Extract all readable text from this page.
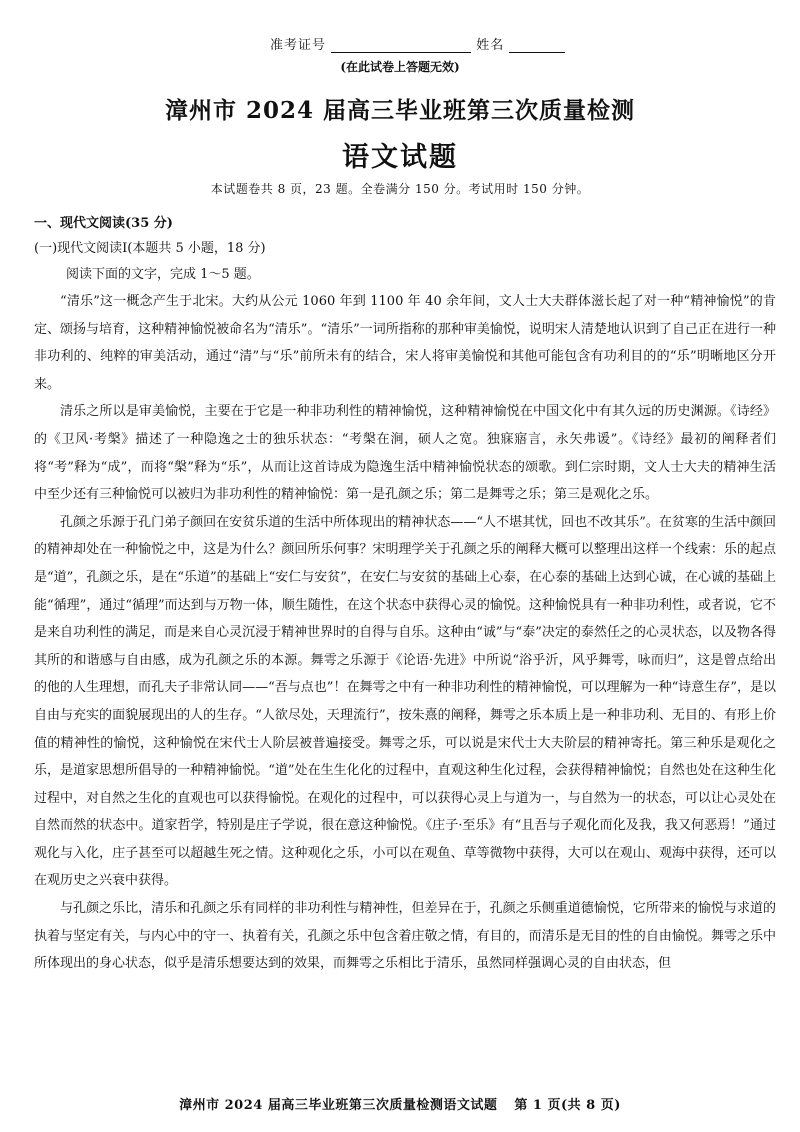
准考证号	姓名
(在此试卷上答题无效)
漳州市 2024 届高三毕业班第三次质量检测
语文试题
本试题卷共 8 页，23 题。全卷满分 150 分。考试用时 150 分钟。
一、现代文阅读(35 分)
(一)现代文阅读Ⅰ(本题共 5 小题，18 分)
阅读下面的文字，完成 1～5 题。

“清乐”这一概念产生于北宋。大约从公元 1060 年到 1100 年 40 余年间，文人士大夫群体滋长起了对一种“精神愉悦”的肯定、颂扬与培育，这种精神愉悦被命名为“清乐”。“清乐”一词所指称的那种审美愉悦，说明宋人清楚地认识到了自己正在进行一种非功利的、纯粹的审美活动，通过“清”与“乐”前所未有的结合，宋人将审美愉悦和其他可能包含有功利目的的“乐”明晰地区分开来。

清乐之所以是审美愉悦，主要在于它是一种非功利性的精神愉悦，这种精神愉悦在中国文化中有其久远的历史渊源。《诗经》的《卫风·考槃》描述了一种隐逸之士的独乐状态：“考槃在涧，硕人之宽。独寐寤言，永矢弗谖”。《诗经》最初的阐释者们将“考”释为“成”，而将“槃”释为“乐”，从而让这首诗成为隐逸生活中精神愉悦状态的颂歌。到仁宗时期，文人士大夫的精神生活中至少还有三种愉悦可以被归为非功利性的精神愉悦：第一是孔颜之乐；第二是舞雩之乐；第三是观化之乐。

孔颜之乐源于孔门弟子颜回在安贫乐道的生活中所体现出的精神状态——“人不堪其忧，回也不改其乐”。在贫寒的生活中颜回的精神却处在一种愉悦之中，这是为什么？颜回所乐何事？宋明理学关于孔颜之乐的阐释大概可以整理出这样一个线索：乐的起点是“道”，孔颜之乐，是在“乐道”的基础上“安仁与安贫”，在安仁与安贫的基础上心泰，在心泰的基础上达到心诚，在心诚的基础上能“循理”，通过“循理”而达到与万物一体，顺生随性，在这个状态中获得心灵的愉悦。这种愉悦具有一种非功利性，或者说，它不是来自功利性的满足，而是来自心灵沉浸于精神世界时的自得与自乐。这种由“诚”与“泰”决定的泰然任之的心灵状态，以及物各得其所的和谐感与自由感，成为孔颜之乐的本源。舞雩之乐源于《论语·先进》中所说“浴乎沂，风乎舞雩，咏而归”，这是曾点给出的他的人生理想，而孔夫子非常认同——“吾与点也”！在舞雩之中有一种非功利性的精神愉悦，可以理解为一种“诗意生存”，是以自由与充实的面貌展现出的人的生存。“人欲尽处，天理流行”，按朱熹的阐释，舞雩之乐本质上是一种非功利、无目的、有形上价值的精神性的愉悦，这种愉悦在宋代士人阶层被普遍接受。舞雩之乐，可以说是宋代士大夫阶层的精神寄托。第三种乐是观化之乐，是道家思想所倡导的一种精神愉悦。“道”处在生生化化的过程中，直观这种生化过程，会获得精神愉悦；自然也处在这种生化过程中，对自然之生化的直观也可以获得愉悦。在观化的过程中，可以获得心灵上与道为一，与自然为一的状态，可以让心灵处在自然而然的状态中。道家哲学，特别是庄子学说，很在意这种愉悦。《庄子·至乐》有“且吾与子观化而化及我，我又何恶焉！”通过观化与入化，庄子甚至可以超越生死之情。这种观化之乐，小可以在观鱼、草等微物中获得，大可以在观山、观海中获得，还可以在观历史之兴衰中获得。

与孔颜之乐比，清乐和孔颜之乐有同样的非功利性与精神性，但差异在于，孔颜之乐侧重道德愉悦，它所带来的愉悦与求道的执着与坚定有关，与内心中的守一、执着有关，孔颜之乐中包含着庄敬之情，有目的，而清乐是无目的性的自由愉悦。舞雩之乐中所体现出的身心状态，似乎是清乐想要达到的效果，而舞雩之乐相比于清乐，虽然同样强调心灵的自由状态，但

漳州市 2024 届高三毕业班第三次质量检测语文试题 第 1 页(共 8 页)
